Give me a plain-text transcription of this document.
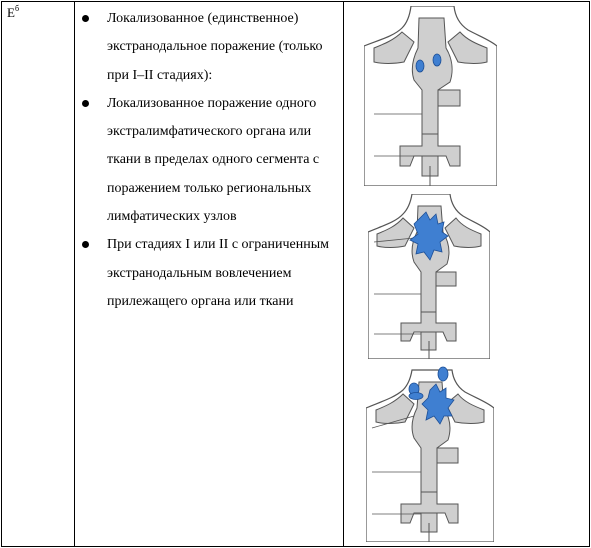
$E^б$
Локализованное (единственное) экстранодальное поражение (только при I–II стадиях):
Локализованное поражение одного экстралимфатического органа или ткани в пределах одного сегмента с поражением только региональных лимфатических узлов
При стадиях I или II с ограниченным экстранодальным вовлечением прилежащего органа или ткани
